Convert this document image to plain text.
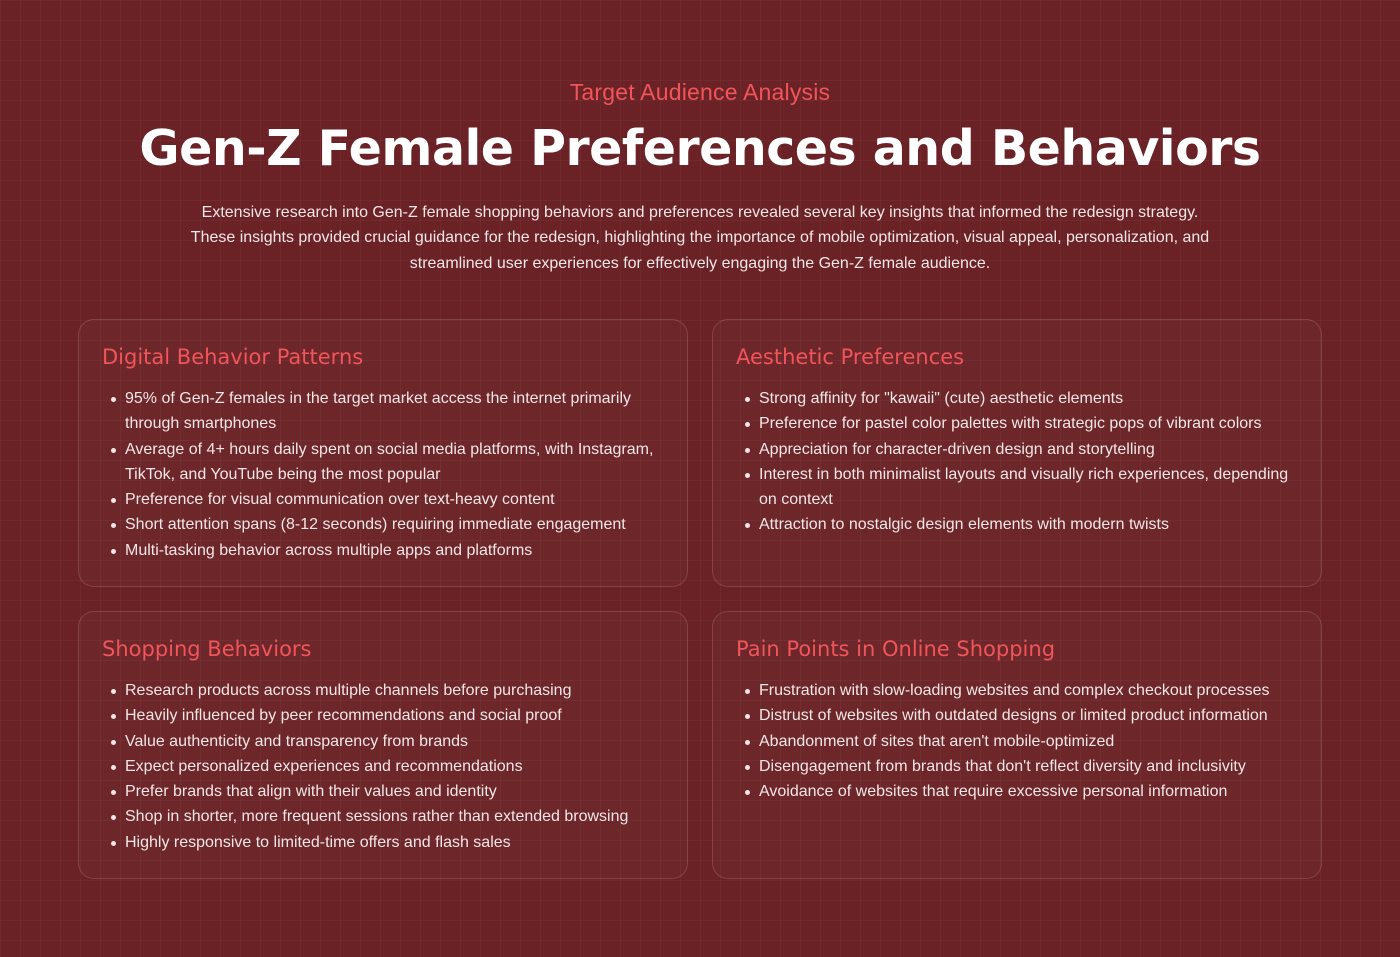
Target Audience Analysis
Gen-Z Female Preferences and Behaviors

Extensive research into Gen-Z female shopping behaviors and preferences revealed several key insights that informed the redesign strategy. These insights provided crucial guidance for the redesign, highlighting the importance of mobile optimization, visual appeal, personalization, and streamlined user experiences for effectively engaging the Gen-Z female audience.

Digital Behavior Patterns
95% of Gen-Z females in the target market access the internet primarily through smartphones
Average of 4+ hours daily spent on social media platforms, with Instagram, TikTok, and YouTube being the most popular
Preference for visual communication over text-heavy content
Short attention spans (8-12 seconds) requiring immediate engagement
Multi-tasking behavior across multiple apps and platforms
Aesthetic Preferences
Strong affinity for "kawaii" (cute) aesthetic elements
Preference for pastel color palettes with strategic pops of vibrant colors
Appreciation for character-driven design and storytelling
Interest in both minimalist layouts and visually rich experiences, depending on context
Attraction to nostalgic design elements with modern twists
Shopping Behaviors
Research products across multiple channels before purchasing
Heavily influenced by peer recommendations and social proof
Value authenticity and transparency from brands
Expect personalized experiences and recommendations
Prefer brands that align with their values and identity
Shop in shorter, more frequent sessions rather than extended browsing
Highly responsive to limited-time offers and flash sales
Pain Points in Online Shopping
Frustration with slow-loading websites and complex checkout processes
Distrust of websites with outdated designs or limited product information
Abandonment of sites that aren't mobile-optimized
Disengagement from brands that don't reflect diversity and inclusivity
Avoidance of websites that require excessive personal information
